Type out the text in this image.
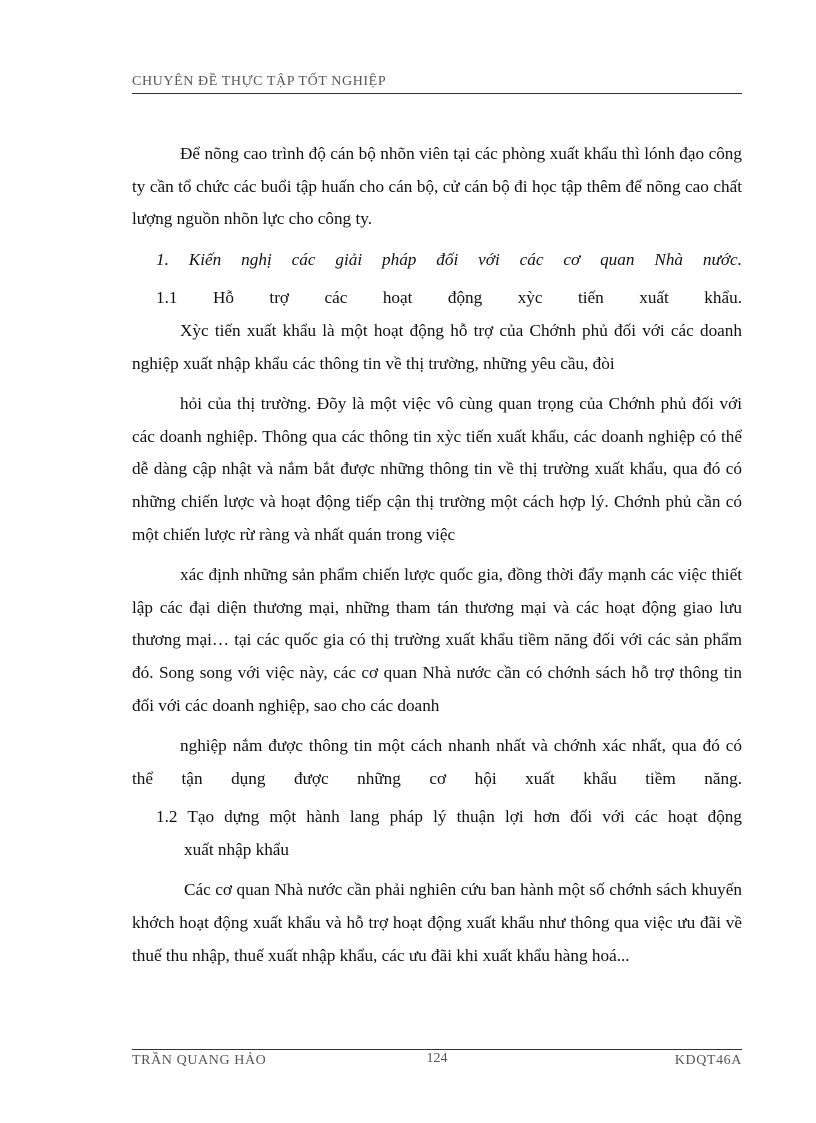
CHUYÊN ĐỀ THỰC TẬP TỐT NGHIỆP

Để nõng cao trình độ cán bộ nhõn viên tại các phòng xuất khẩu thì lónh đạo công ty cần tổ chức các buổi tập huấn cho cán bộ, cử cán bộ đi học tập thêm để nõng cao chất lượng nguồn nhõn lực cho công ty.

1. Kiến nghị các giải pháp đối với các cơ quan Nhà nước.

1.1 Hỗ trợ các hoạt động xỳc tiến xuất khẩu.

Xỳc tiến xuất khẩu là một hoạt động hỗ trợ của Chớnh phủ đối với các doanh nghiệp xuất nhập khẩu các thông tin về thị trường, những yêu cầu, đòi

hỏi của thị trường. Đõy là một việc vô cùng quan trọng của Chớnh phủ đối với các doanh nghiệp. Thông qua các thông tin xỳc tiến xuất khẩu, các doanh nghiệp có thể dễ dàng cập nhật và nắm bắt được những thông tin về thị trường xuất khẩu, qua đó có những chiến lược và hoạt động tiếp cận thị trường một cách hợp lý. Chớnh phủ cần có một chiến lược rừ ràng và nhất quán trong việc

xác định những sản phẩm chiến lược quốc gia, đồng thời đẩy mạnh các việc thiết lập các đại diện thương mại, những tham tán thương mại và các hoạt động giao lưu thương mại… tại các quốc gia có thị trường xuất khẩu tiềm năng đối với các sản phẩm đó. Song song với việc này, các cơ quan Nhà nước cần có chớnh sách hỗ trợ thông tin đối với các doanh nghiệp, sao cho các doanh

nghiệp nắm được thông tin một cách nhanh nhất và chớnh xác nhất, qua đó có thể tận dụng được những cơ hội xuất khẩu tiềm năng.

1.2 Tạo dựng một hành lang pháp lý thuận lợi hơn đối với các hoạt động

xuất nhập khẩu

Các cơ quan Nhà nước cần phải nghiên cứu ban hành một số chớnh sách khuyến khớch hoạt động xuất khẩu và hỗ trợ hoạt động xuất khẩu như thông qua việc ưu đãi về thuế thu nhập, thuế xuất nhập khẩu, các ưu đãi khi xuất khẩu hàng hoá...

TRẦN QUANG HẢO	124	KDQT46A
